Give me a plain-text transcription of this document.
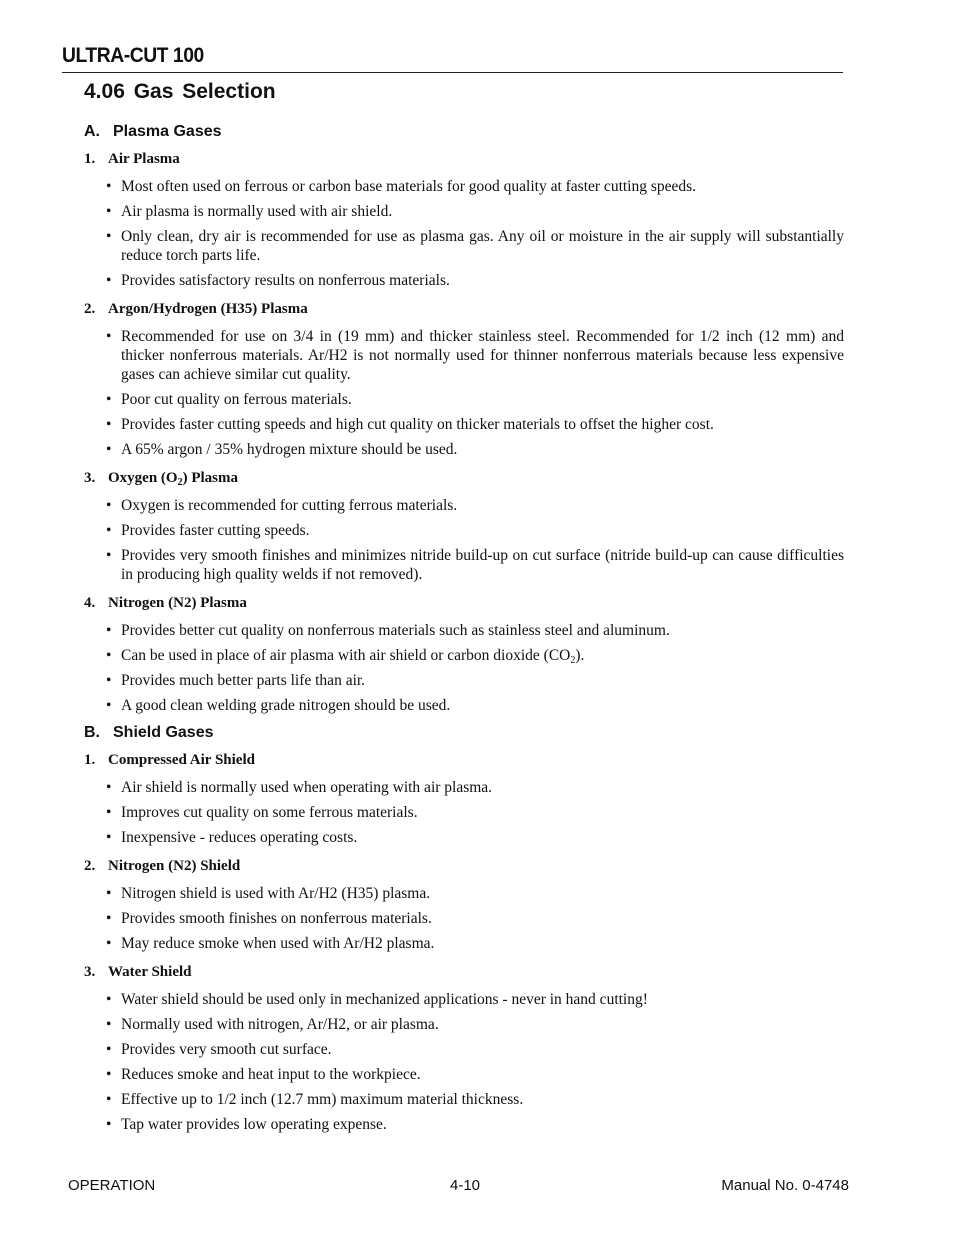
ULTRA-CUT 100
4.06 Gas Selection
A. Plasma Gases
1. Air Plasma
• Most often used on ferrous or carbon base materials for good quality at faster cutting speeds.
• Air plasma is normally used with air shield.
• Only clean, dry air is recommended for use as plasma gas. Any oil or moisture in the air supply will substantially reduce torch parts life.
• Provides satisfactory results on nonferrous materials.
2. Argon/Hydrogen (H35) Plasma
• Recommended for use on 3/4 in (19 mm) and thicker stainless steel. Recommended for 1/2 inch (12 mm) and thicker nonferrous materials. Ar/H2 is not normally used for thinner nonferrous materials because less expensive gases can achieve similar cut quality.
• Poor cut quality on ferrous materials.
• Provides faster cutting speeds and high cut quality on thicker materials to offset the higher cost.
• A 65% argon / 35% hydrogen mixture should be used.
3. Oxygen $(O_2)$ Plasma
• Oxygen is recommended for cutting ferrous materials.
• Provides faster cutting speeds.
• Provides very smooth finishes and minimizes nitride build-up on cut surface (nitride build-up can cause difficulties in producing high quality welds if not removed).
4. Nitrogen (N2) Plasma
• Provides better cut quality on nonferrous materials such as stainless steel and aluminum.
• Can be used in place of air plasma with air shield or carbon dioxide $(CO_2)$.
• Provides much better parts life than air.
• A good clean welding grade nitrogen should be used.
B. Shield Gases
1. Compressed Air Shield
• Air shield is normally used when operating with air plasma.
• Improves cut quality on some ferrous materials.
• Inexpensive - reduces operating costs.
2. Nitrogen (N2) Shield
• Nitrogen shield is used with Ar/H2 (H35) plasma.
• Provides smooth finishes on nonferrous materials.
• May reduce smoke when used with Ar/H2 plasma.
3. Water Shield
• Water shield should be used only in mechanized applications - never in hand cutting!
• Normally used with nitrogen, Ar/H2, or air plasma.
• Provides very smooth cut surface.
• Reduces smoke and heat input to the workpiece.
• Effective up to 1/2 inch (12.7 mm) maximum material thickness.
• Tap water provides low operating expense.
OPERATION	4-10	Manual No. 0-4748
